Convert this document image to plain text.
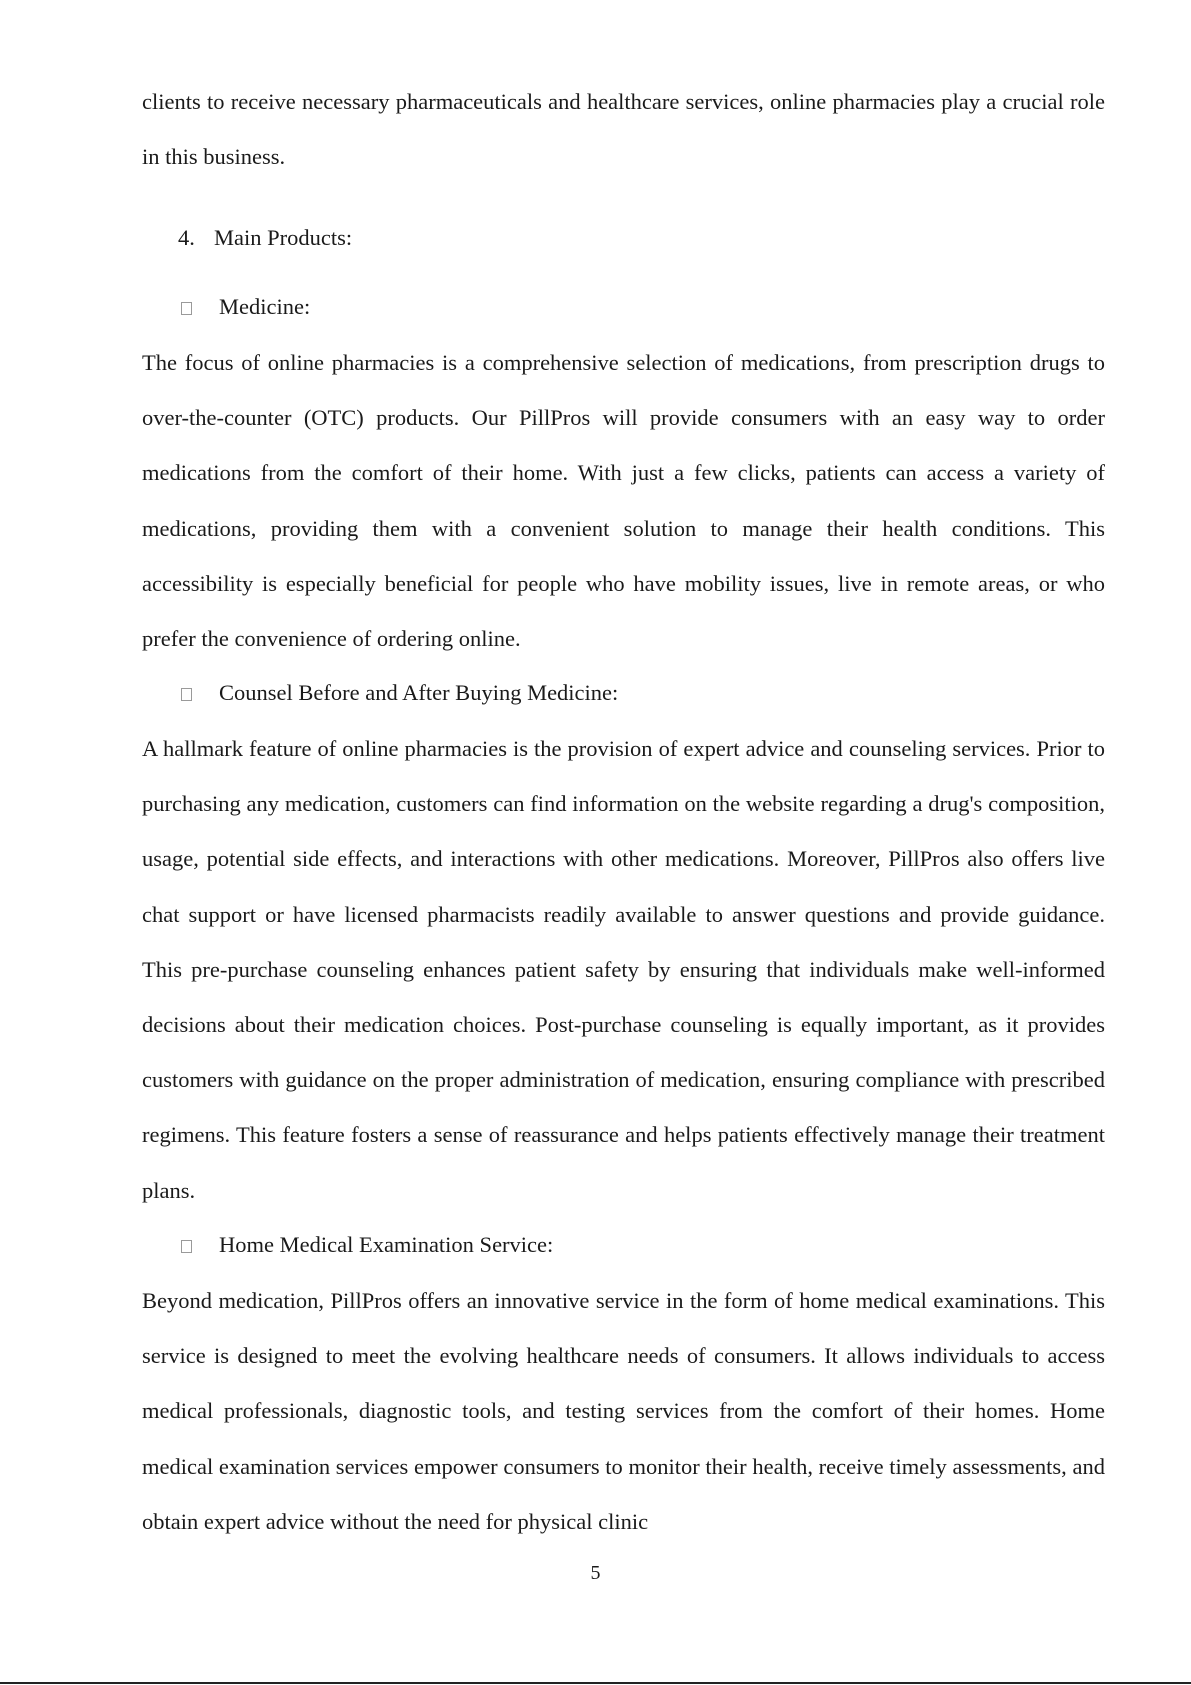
clients to receive necessary pharmaceuticals and healthcare services, online pharmacies play a crucial role in this business.

4. Main Products:

Medicine:

The focus of online pharmacies is a comprehensive selection of medications, from prescription drugs to over-the-counter (OTC) products. Our PillPros will provide consumers with an easy way to order medications from the comfort of their home. With just a few clicks, patients can access a variety of medications, providing them with a convenient solution to manage their health conditions. This accessibility is especially beneficial for people who have mobility issues, live in remote areas, or who prefer the convenience of ordering online.

Counsel Before and After Buying Medicine:

A hallmark feature of online pharmacies is the provision of expert advice and counseling services. Prior to purchasing any medication, customers can find information on the website regarding a drug's composition, usage, potential side effects, and interactions with other medications. Moreover, PillPros also offers live chat support or have licensed pharmacists readily available to answer questions and provide guidance. This pre-purchase counseling enhances patient safety by ensuring that individuals make well-informed decisions about their medication choices. Post-purchase counseling is equally important, as it provides customers with guidance on the proper administration of medication, ensuring compliance with prescribed regimens. This feature fosters a sense of reassurance and helps patients effectively manage their treatment plans.

Home Medical Examination Service:

Beyond medication, PillPros offers an innovative service in the form of home medical examinations. This service is designed to meet the evolving healthcare needs of consumers. It allows individuals to access medical professionals, diagnostic tools, and testing services from the comfort of their homes. Home medical examination services empower consumers to monitor their health, receive timely assessments, and obtain expert advice without the need for physical clinic

5
